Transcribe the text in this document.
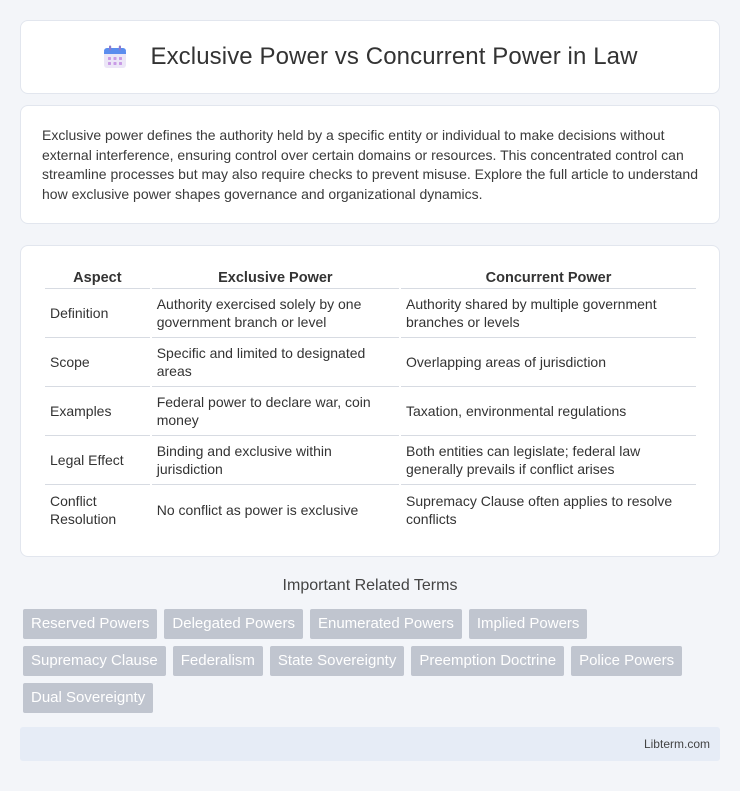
Exclusive Power vs Concurrent Power in Law

Exclusive power defines the authority held by a specific entity or individual to make decisions without external interference, ensuring control over certain domains or resources. This concentrated control can streamline processes but may also require checks to prevent misuse. Explore the full article to understand how exclusive power shapes governance and organizational dynamics.

Aspect	Exclusive Power	Concurrent Power
Definition	Authority exercised solely by one government branch or level	Authority shared by multiple government branches or levels
Scope	Specific and limited to designated areas	Overlapping areas of jurisdiction
Examples	Federal power to declare war, coin money	Taxation, environmental regulations
Legal Effect	Binding and exclusive within jurisdiction	Both entities can legislate; federal law generally prevails if conflict arises
Conflict Resolution	No conflict as power is exclusive	Supremacy Clause often applies to resolve conflicts
Important Related Terms
Reserved Powers	Delegated Powers	Enumerated Powers	Implied Powers
Supremacy Clause	Federalism	State Sovereignty	Preemption Doctrine	Police Powers
Dual Sovereignty
Libterm.com
